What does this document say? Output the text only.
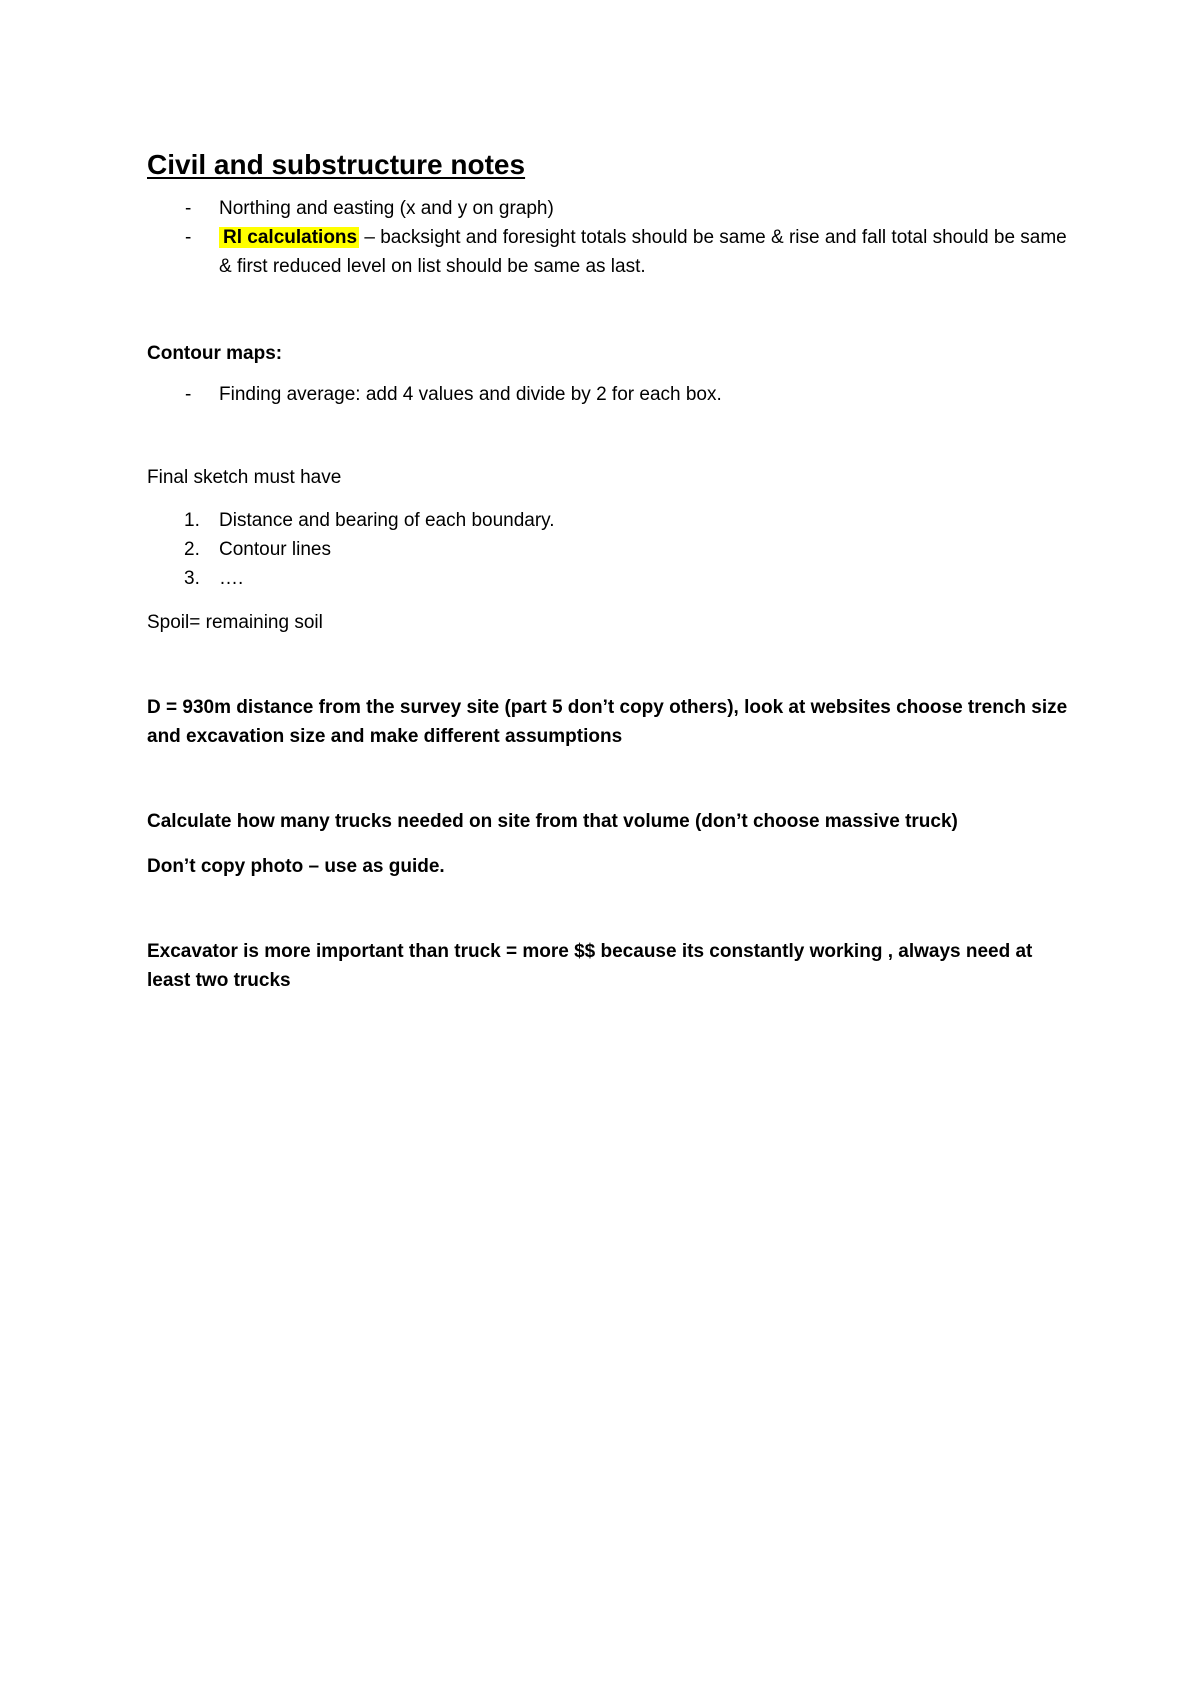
Civil and substructure notes
- Northing and easting (x and y on graph)
- Rl calculations – backsight and foresight totals should be same & rise and fall total should be same & first reduced level on list should be same as last.

Contour maps:

- Finding average: add 4 values and divide by 2 for each box.

Final sketch must have

1. Distance and bearing of each boundary.
2. Contour lines
3. ….

Spoil= remaining soil

D = 930m distance from the survey site (part 5 don’t copy others), look at websites choose trench size and excavation size and make different assumptions

Calculate how many trucks needed on site from that volume (don’t choose massive truck)

Don’t copy photo – use as guide.

Excavator is more important than truck = more $$ because its constantly working , always need at least two trucks
